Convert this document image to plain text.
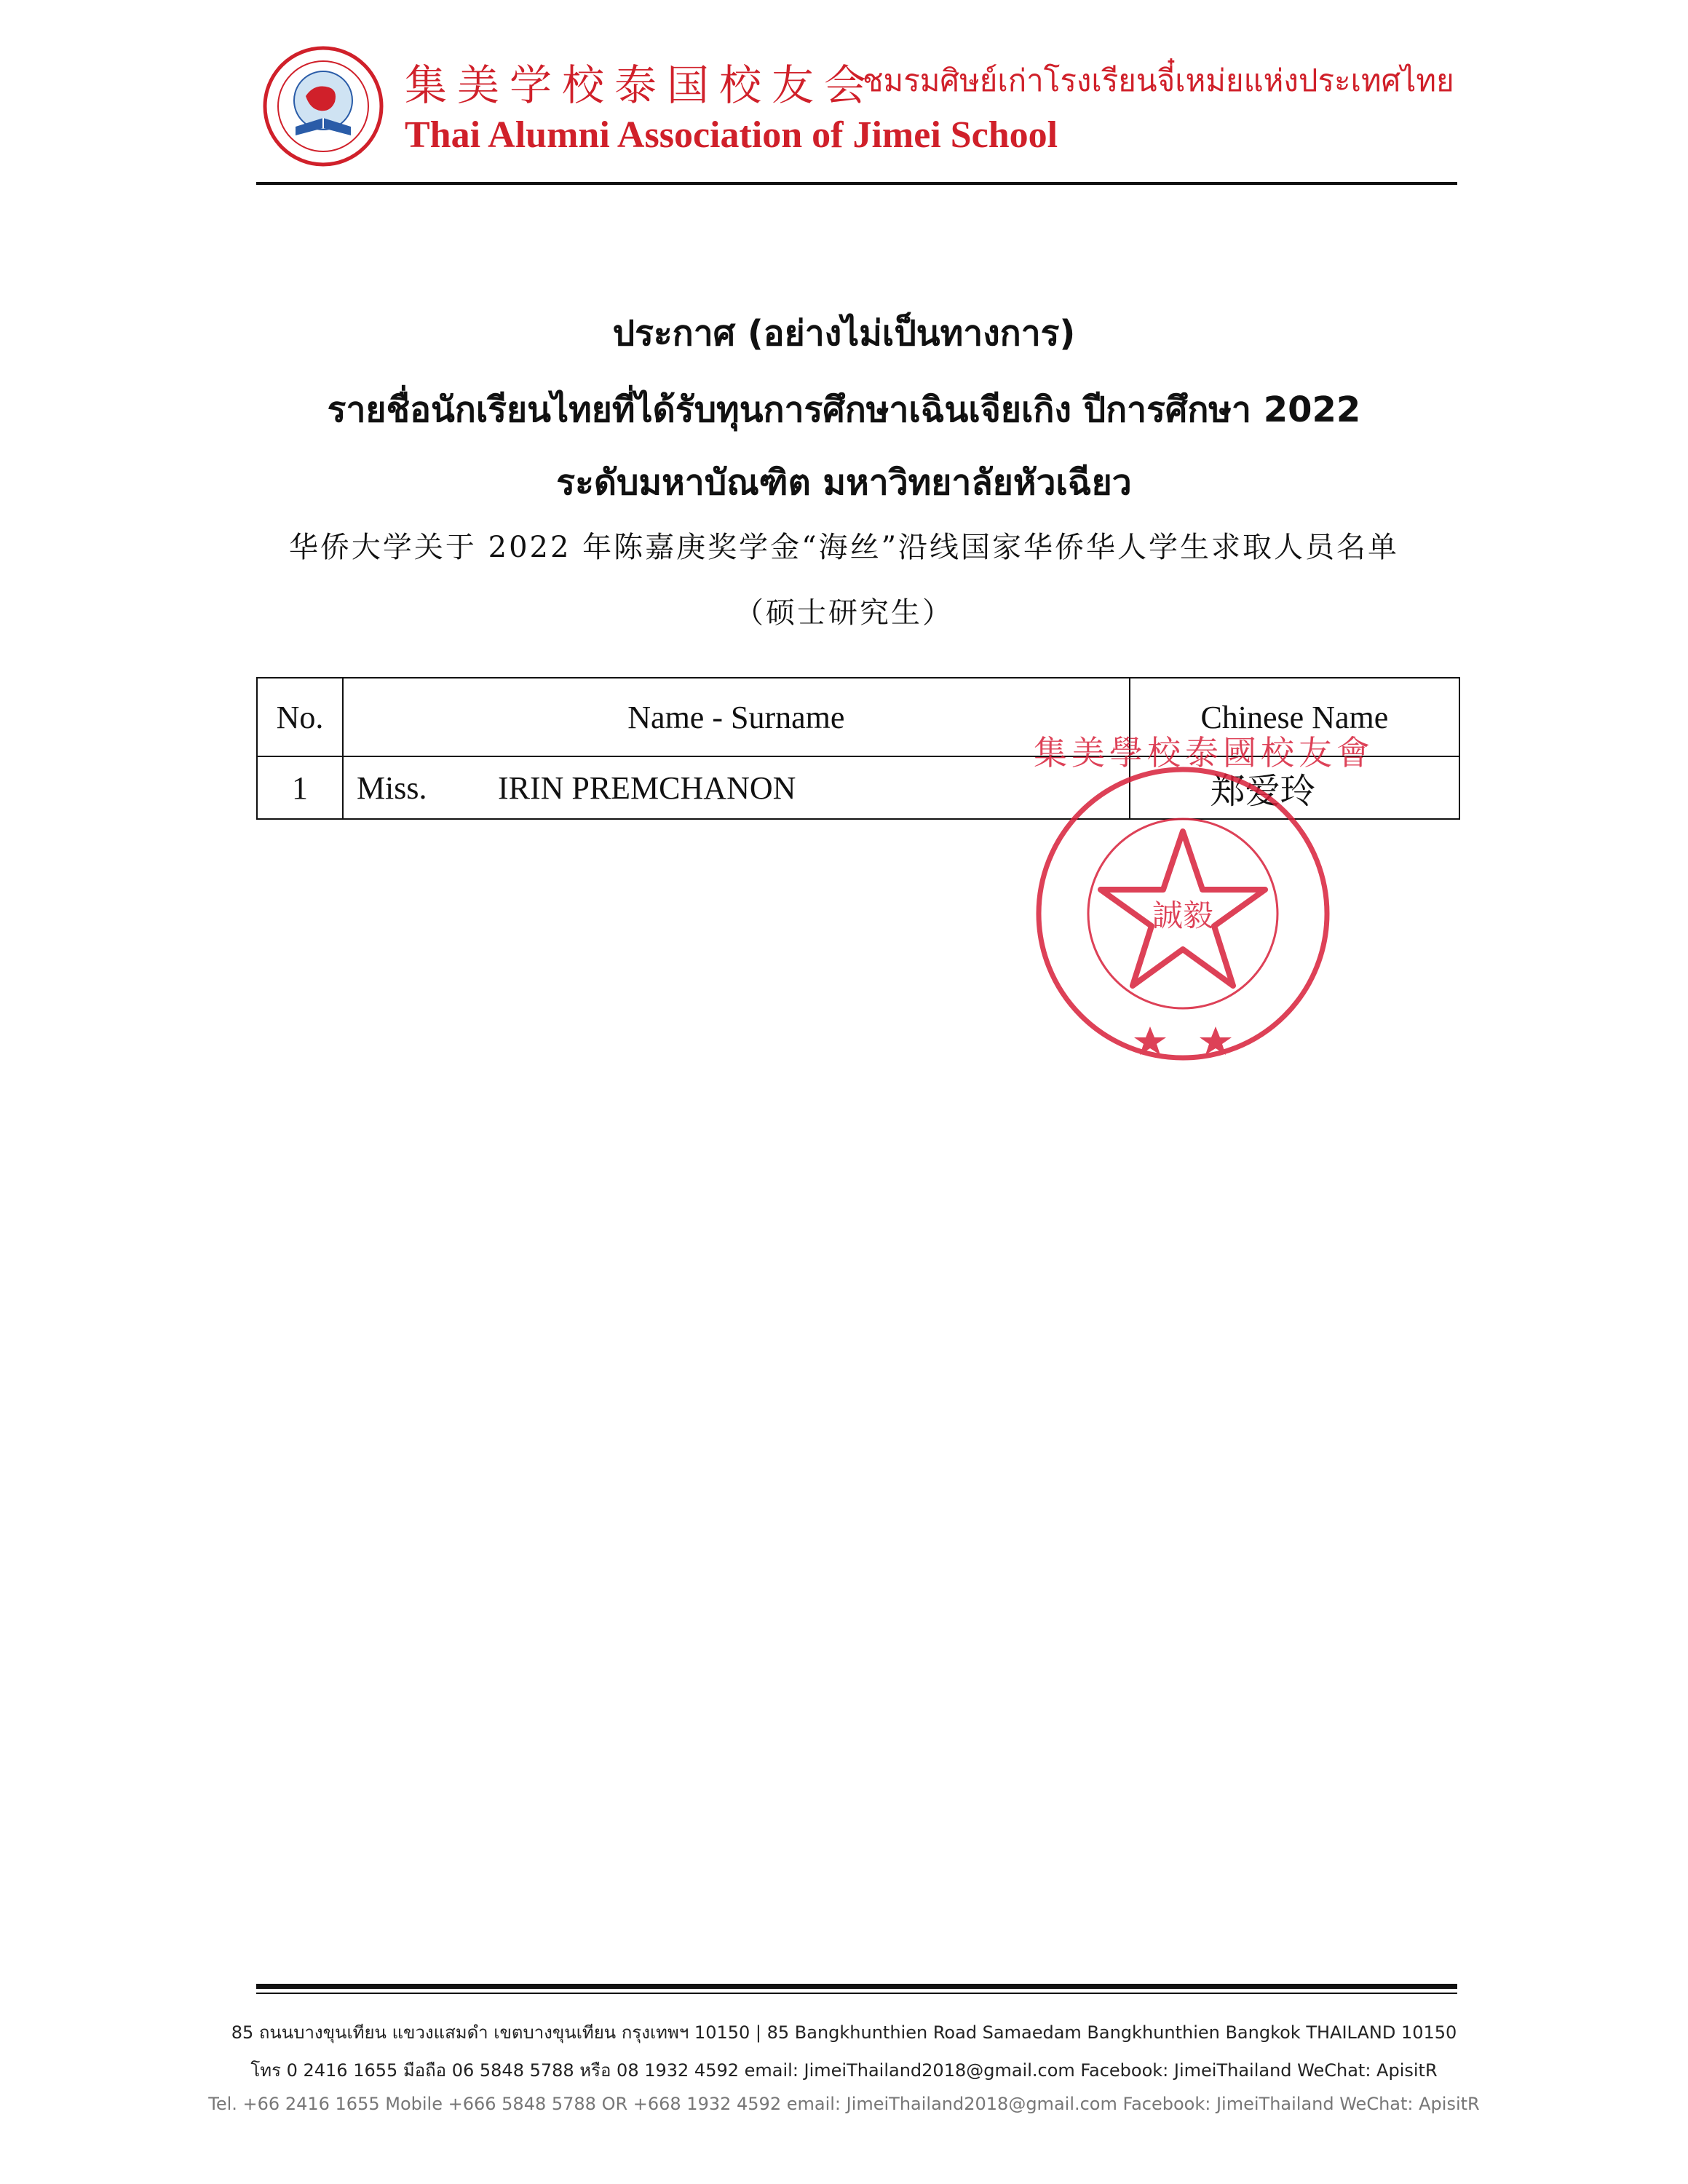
集美学校泰国校友会
ชมรมศิษย์เก่าโรงเรียนจี๋เหม่ยแห่งประเทศไทย
Thai Alumni Association of Jimei School
ประกาศ (อย่างไม่เป็นทางการ)
รายชื่อนักเรียนไทยที่ได้รับทุนการศึกษาเฉินเจียเกิง ปีการศึกษา 2022
ระดับมหาบัณฑิต มหาวิทยาลัยหัวเฉียว
华侨大学关于 2022 年陈嘉庚奖学金“海丝”沿线国家华侨华人学生求取人员名单
（硕士研究生）
No.	Name - Surname	Chinese Name
1	Miss. IRIN PREMCHANON	郑爱玲
集美學校泰國校友會
誠毅
85 ถนนบางขุนเทียน แขวงแสมดำ เขตบางขุนเทียน กรุงเทพฯ 10150 | 85 Bangkhunthien Road Samaedam Bangkhunthien Bangkok THAILAND 10150
โทร 0 2416 1655 มือถือ 06 5848 5788 หรือ 08 1932 4592 email: JimeiThailand2018@gmail.com Facebook: JimeiThailand WeChat: ApisitR
Tel. +66 2416 1655 Mobile +666 5848 5788 OR +668 1932 4592 email: JimeiThailand2018@gmail.com Facebook: JimeiThailand WeChat: ApisitR
